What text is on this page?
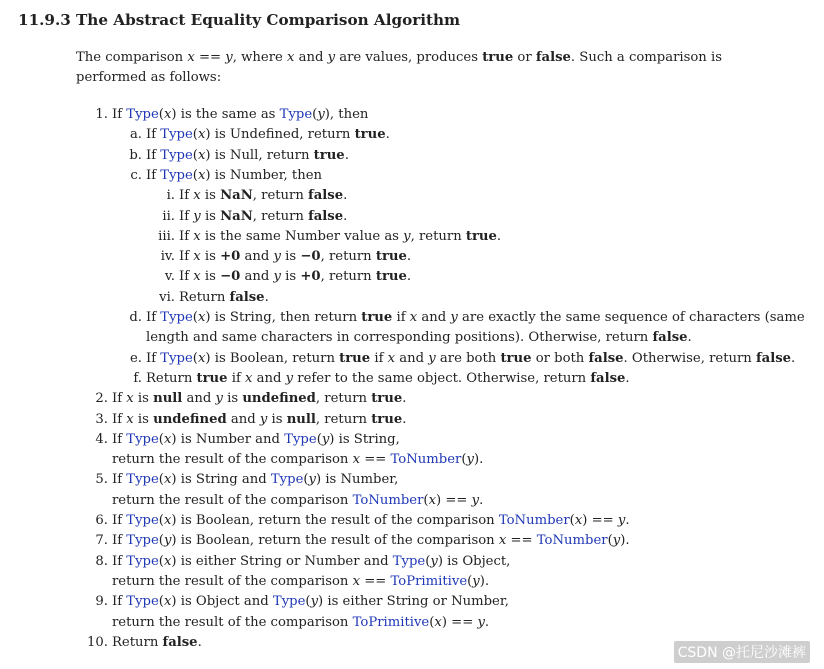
11.9.3 The Abstract Equality Comparison Algorithm
The comparison x == y, where x and y are values, produces true or false. Such a comparison is performed as follows:
1. If Type(x) is the same as Type(y), then
a. If Type(x) is Undefined, return true.
b. If Type(x) is Null, return true.
c. If Type(x) is Number, then
i. If x is NaN, return false.
ii. If y is NaN, return false.
iii. If x is the same Number value as y, return true.
iv. If x is +0 and y is −0, return true.
v. If x is −0 and y is +0, return true.
vi. Return false.
d. If Type(x) is String, then return true if x and y are exactly the same sequence of characters (same
length and same characters in corresponding positions). Otherwise, return false.
e. If Type(x) is Boolean, return true if x and y are both true or both false. Otherwise, return false.
f. Return true if x and y refer to the same object. Otherwise, return false.
2. If x is null and y is undefined, return true.
3. If x is undefined and y is null, return true.
4. If Type(x) is Number and Type(y) is String,
return the result of the comparison x == ToNumber(y).
5. If Type(x) is String and Type(y) is Number,
return the result of the comparison ToNumber(x) == y.
6. If Type(x) is Boolean, return the result of the comparison ToNumber(x) == y.
7. If Type(y) is Boolean, return the result of the comparison x == ToNumber(y).
8. If Type(x) is either String or Number and Type(y) is Object,
return the result of the comparison x == ToPrimitive(y).
9. If Type(x) is Object and Type(y) is either String or Number,
return the result of the comparison ToPrimitive(x) == y.
10. Return false.
CSDN @托尼沙滩裤
